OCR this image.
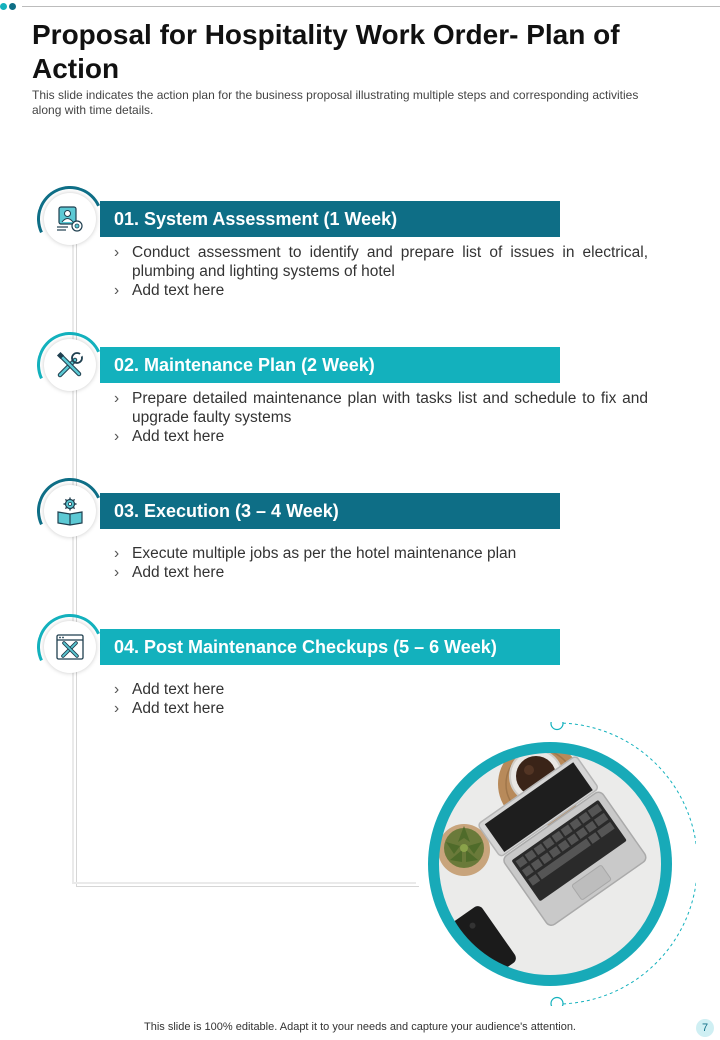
Proposal for Hospitality Work Order- Plan of Action

This slide indicates the action plan for the business proposal illustrating multiple steps and corresponding activities along with time details.

01. System Assessment (1 Week)
› Conduct assessment to identify and prepare list of issues in electrical, plumbing and lighting systems of hotel
› Add text here
02. Maintenance Plan (2 Week)
› Prepare detailed maintenance plan with tasks list and schedule to fix and upgrade faulty systems
› Add text here
03. Execution (3 – 4 Week)
› Execute multiple jobs as per the hotel maintenance plan
› Add text here
04. Post Maintenance Checkups (5 – 6 Week)
› Add text here
› Add text here
This slide is 100% editable. Adapt it to your needs and capture your audience's attention.	7
